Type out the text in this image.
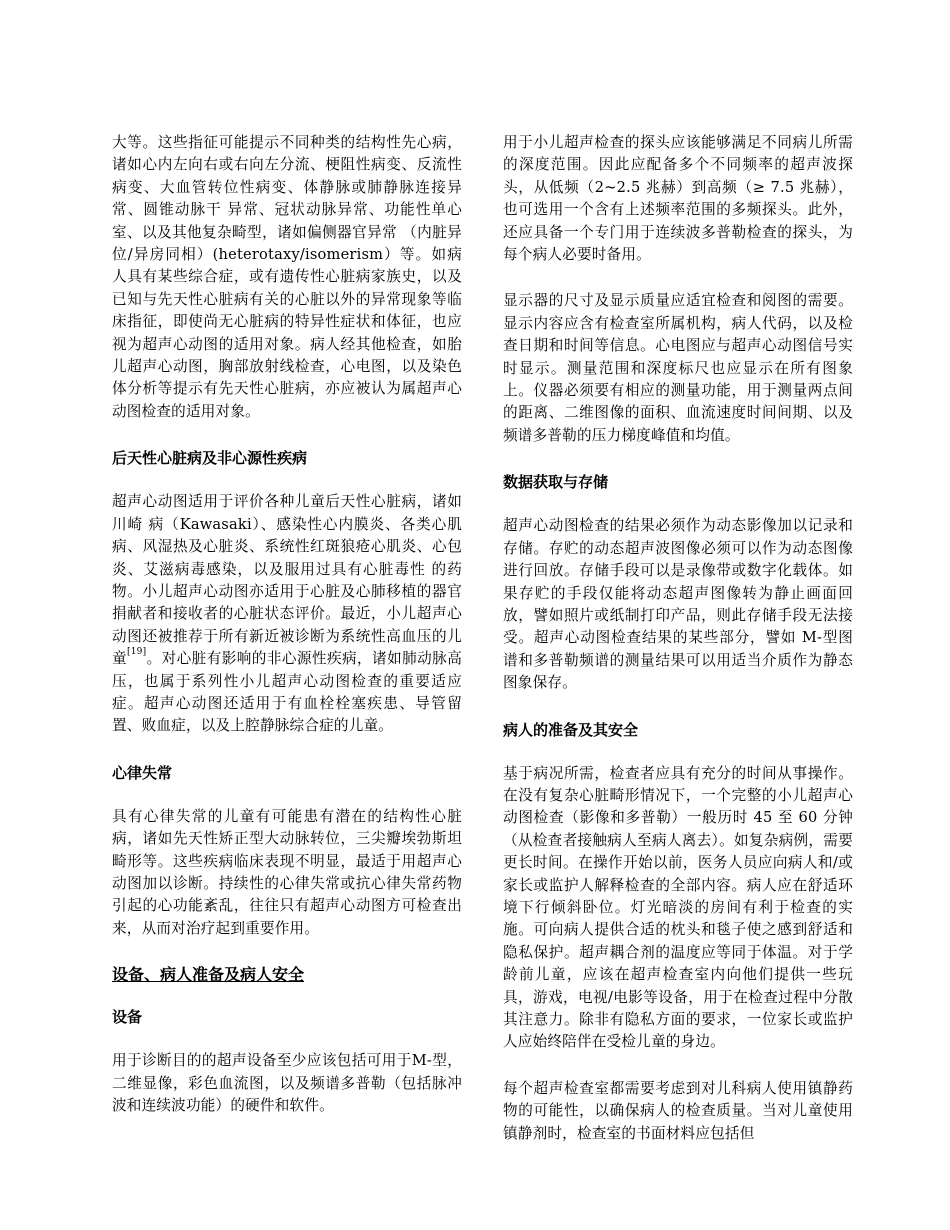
大等。这些指征可能提示不同种类的结构性先心病，诸如心内左向右或右向左分流、梗阻性病变、反流性病变、大血管转位性病变、体静脉或肺静脉连接异常、圆锥动脉干 异常、冠状动脉异常、功能性单心室、以及其他复杂畸型，诸如偏侧器官异常 （内脏异位/异房同相）(heterotaxy/isomerism）等。如病人具有某些综合症，或有遗传性心脏病家族史，以及已知与先天性心脏病有关的心脏以外的异常现象等临床指征，即使尚无心脏病的特异性症状和体征，也应视为超声心动图的适用对象。病人经其他检查，如胎儿超声心动图，胸部放射线检查，心电图，以及染色体分析等提示有先天性心脏病，亦应被认为属超声心动图检查的适用对象。

后天性心脏病及非心源性疾病

超声心动图适用于评价各种儿童后天性心脏病，诸如川崎 病（Kawasaki）、感染性心内膜炎、各类心肌病、风湿热及心脏炎、系统性红斑狼疮心肌炎、心包炎、艾滋病毒感染，以及服用过具有心脏毒性 的药物。小儿超声心动图亦适用于心脏及心肺移植的器官捐献者和接收者的心脏状态评价。最近，小儿超声心动图还被推荐于所有新近被诊断为系统性高血压的儿童[19]。对心脏有影响的非心源性疾病，诸如肺动脉高压，也属于系列性小儿超声心动图检查的重要适应症。超声心动图还适用于有血栓栓塞疾患、导管留置、败血症，以及上腔静脉综合症的儿童。

心律失常

具有心律失常的儿童有可能患有潜在的结构性心脏病，诸如先天性矫正型大动脉转位，三尖瓣埃勃斯坦畸形等。这些疾病临床表现不明显，最适于用超声心动图加以诊断。持续性的心律失常或抗心律失常药物引起的心功能紊乱，往往只有超声心动图方可检查出来，从而对治疗起到重要作用。

设备、病人准备及病人安全
设备

用于诊断目的的超声设备至少应该包括可用于M-型，二维显像，彩色血流图，以及频谱多普勒（包括脉冲波和连续波功能）的硬件和软件。

用于小儿超声检查的探头应该能够满足不同病儿所需的深度范围。因此应配备多个不同频率的超声波探头，从低频（2~2.5 兆赫）到高频（≥ 7.5 兆赫），也可选用一个含有上述频率范围的多频探头。此外，还应具备一个专门用于连续波多普勒检查的探头，为每个病人必要时备用。

显示器的尺寸及显示质量应适宜检查和阅图的需要。显示内容应含有检查室所属机构，病人代码，以及检查日期和时间等信息。心电图应与超声心动图信号实时显示。测量范围和深度标尺也应显示在所有图象上。仪器必须要有相应的测量功能，用于测量两点间的距离、二维图像的面积、血流速度时间间期、以及频谱多普勒的压力梯度峰值和均值。

数据获取与存储

超声心动图检查的结果必须作为动态影像加以记录和存储。存贮的动态超声波图像必须可以作为动态图像进行回放。存储手段可以是录像带或数字化载体。如果存贮的手段仅能将动态超声图像转为静止画面回放，譬如照片或纸制打印产品，则此存储手段无法接受。超声心动图检查结果的某些部分，譬如 M-型图谱和多普勒频谱的测量结果可以用适当介质作为静态图象保存。

病人的准备及其安全

基于病况所需，检查者应具有充分的时间从事操作。在没有复杂心脏畸形情况下，一个完整的小儿超声心动图检查（影像和多普勒）一般历时 45 至 60 分钟（从检查者接触病人至病人离去）。如复杂病例，需要更长时间。在操作开始以前，医务人员应向病人和/或家长或监护人解释检查的全部内容。病人应在舒适环境下行倾斜卧位。灯光暗淡的房间有利于检查的实施。可向病人提供合适的枕头和毯子使之感到舒适和隐私保护。超声耦合剂的温度应等同于体温。对于学龄前儿童，应该在超声检查室内向他们提供一些玩具，游戏，电视/电影等设备，用于在检查过程中分散其注意力。除非有隐私方面的要求，一位家长或监护人应始终陪伴在受检儿童的身边。

每个超声检查室都需要考虑到对儿科病人使用镇静药物的可能性，以确保病人的检查质量。当对儿童使用镇静剂时，检查室的书面材料应包括但
